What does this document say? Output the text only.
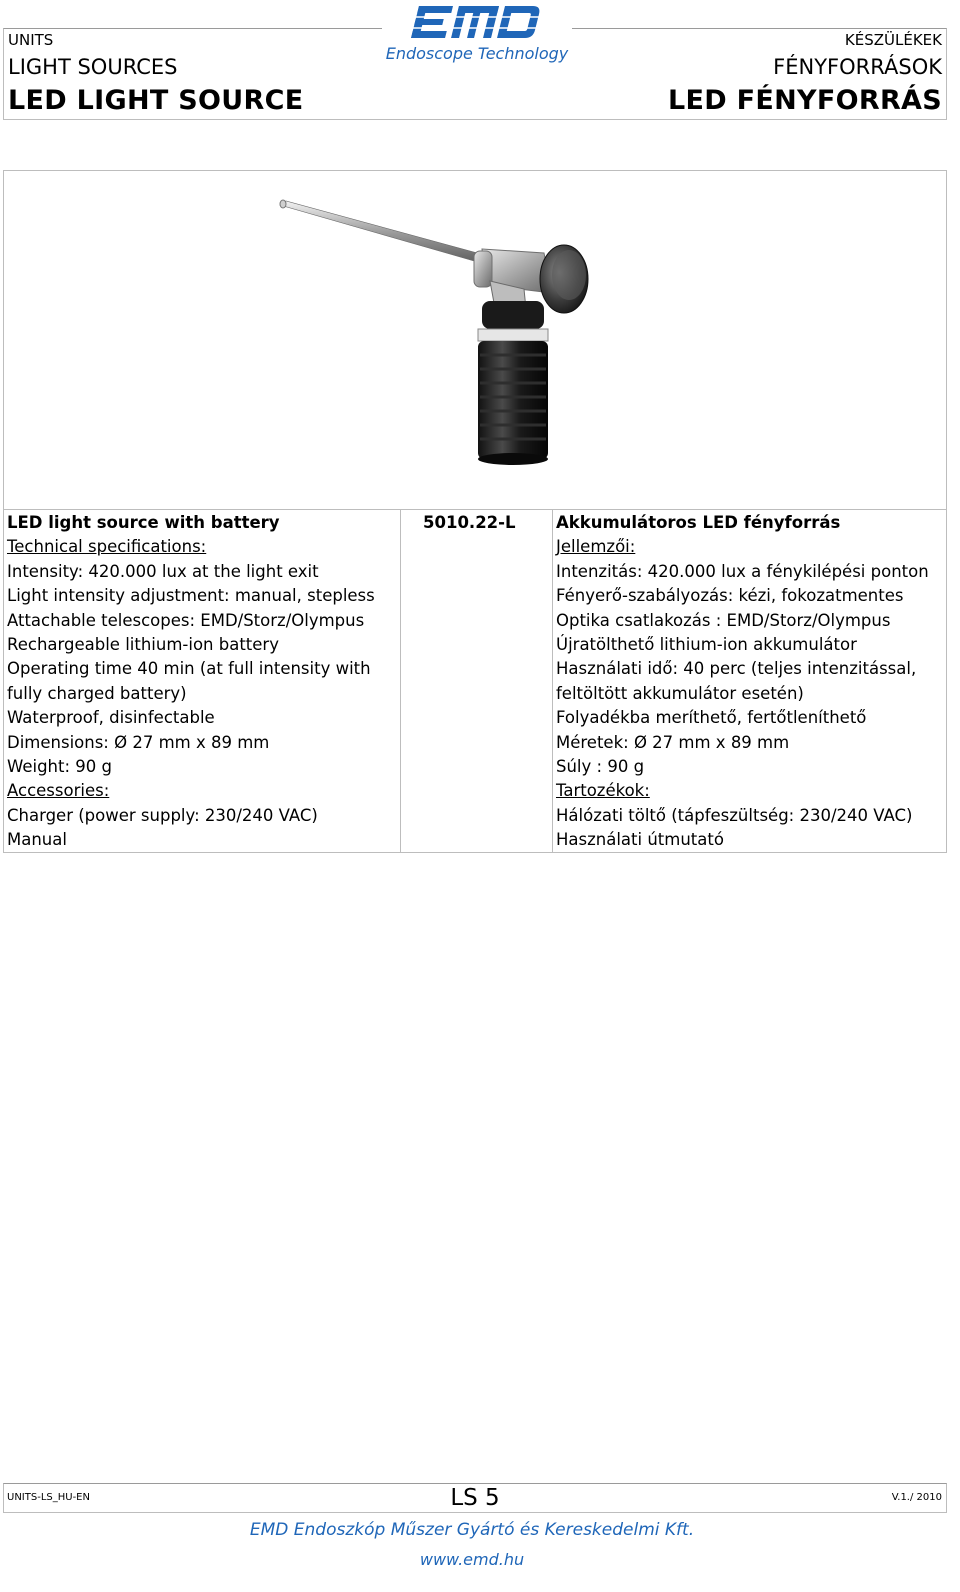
UNITS
LIGHT SOURCES
LED LIGHT SOURCE
KÉSZÜLÉKEK
FÉNYFORRÁSOK
LED FÉNYFORRÁS
Endoscope Technology
LED light source with battery
Technical specifications:
Intensity: 420.000 lux at the light exit
Light intensity adjustment: manual, stepless
Attachable telescopes: EMD/Storz/Olympus
Rechargeable lithium-ion battery
Operating time 40 min (at full intensity with
fully charged battery)
Waterproof, disinfectable
Dimensions: Ø 27 mm x 89 mm
Weight: 90 g
Accessories:
Charger (power supply: 230/240 VAC)
Manual
5010.22-L Akkumulátoros LED fényforrás
Jellemzői:
Intenzitás: 420.000 lux a fénykilépési ponton
Fényerő-szabályozás: kézi, fokozatmentes
Optika csatlakozás : EMD/Storz/Olympus
Újratölthető lithium-ion akkumulátor
Használati idő: 40 perc (teljes intenzitással,
feltöltött akkumulátor esetén)
Folyadékba meríthető, fertőtleníthető
Méretek: Ø 27 mm x 89 mm
Súly : 90 g
Tartozékok:
Hálózati töltő (tápfeszültség: 230/240 VAC)
Használati útmutató
UNITS-LS_HU-EN	LS 5	V.1./ 2010
EMD Endoszkóp Műszer Gyártó és Kereskedelmi Kft.
www.emd.hu
